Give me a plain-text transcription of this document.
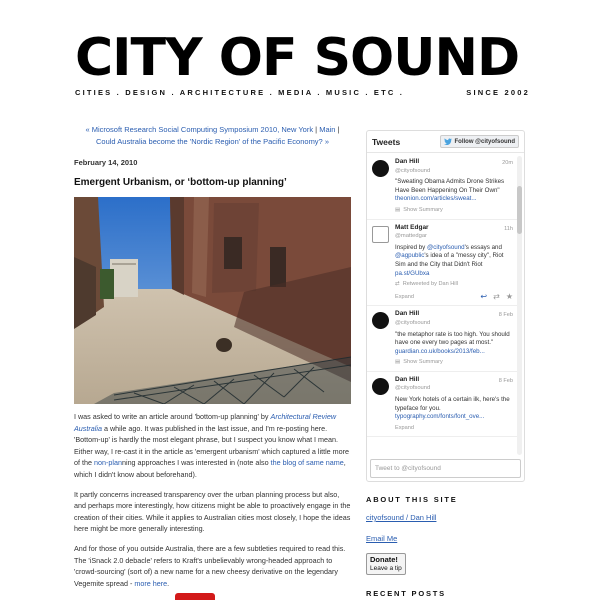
CITY OF SOUND
CITIES . DESIGN . ARCHITECTURE . MEDIA . MUSIC . ETC .	SINCE 2002
« Microsoft Research Social Computing Symposium 2010, New York | Main |
Could Australia become the 'Nordic Region' of the Pacific Economy? »
February 14, 2010
Emergent Urbanism, or ‘bottom-up planning’

I was asked to write an article around 'bottom-up planning' by Architectural Review Australia a while ago. It was published in the last issue, and I'm re-posting here. 'Bottom-up' is hardly the most elegant phrase, but I suspect you know what I mean. Either way, I re-cast it in the article as 'emergent urbanism' which captured a little more of the non-planning approaches I was interested in (note also the blog of same name, which I didn't know about beforehand).

It partly concerns increased transparency over the urban planning process but also, and perhaps more interestingly, how citizens might be able to proactively engage in the creation of their cities. While it applies to Australian cities most closely, I hope the ideas here might be more generally interesting.

And for those of you outside Australia, there are a few subtleties required to read this. The 'iSnack 2.0 debacle' refers to Kraft's unbelievably wrong-headed approach to 'crowd-sourcing' (sort of) a new name for a new cheesy derivative on the legendary Vegemite spread - more here.

Tweets	Follow @cityofsound
20m
Dan Hill
@cityofsound
"Sweating Obama Admits Drone Strikes Have Been Happening On Their Own"
theonion.com/articles/sweat...
▤ Show Summary
11h
Matt Edgar
@mattedgar
Inspired by @cityofsound's essays and @agpublic's idea of a "messy city", Riot Sim and the City that Didn't Riot
pa.st/GUbxa
⇄ Retweeted by Dan Hill
Expand	↩ ⇄ ★
8 Feb
Dan Hill
@cityofsound
"the metaphor rate is too high. You should have one every two pages at most."
guardian.co.uk/books/2013/feb...
▤ Show Summary
8 Feb
Dan Hill
@cityofsound
New York hotels of a certain ilk, here's the typeface for you.
typography.com/fonts/font_ove...
Expand
Tweet to @cityofsound
ABOUT THIS SITE
cityofsound / Dan Hill
Email Me
Donate!
Leave a tip
RECENT POSTS
